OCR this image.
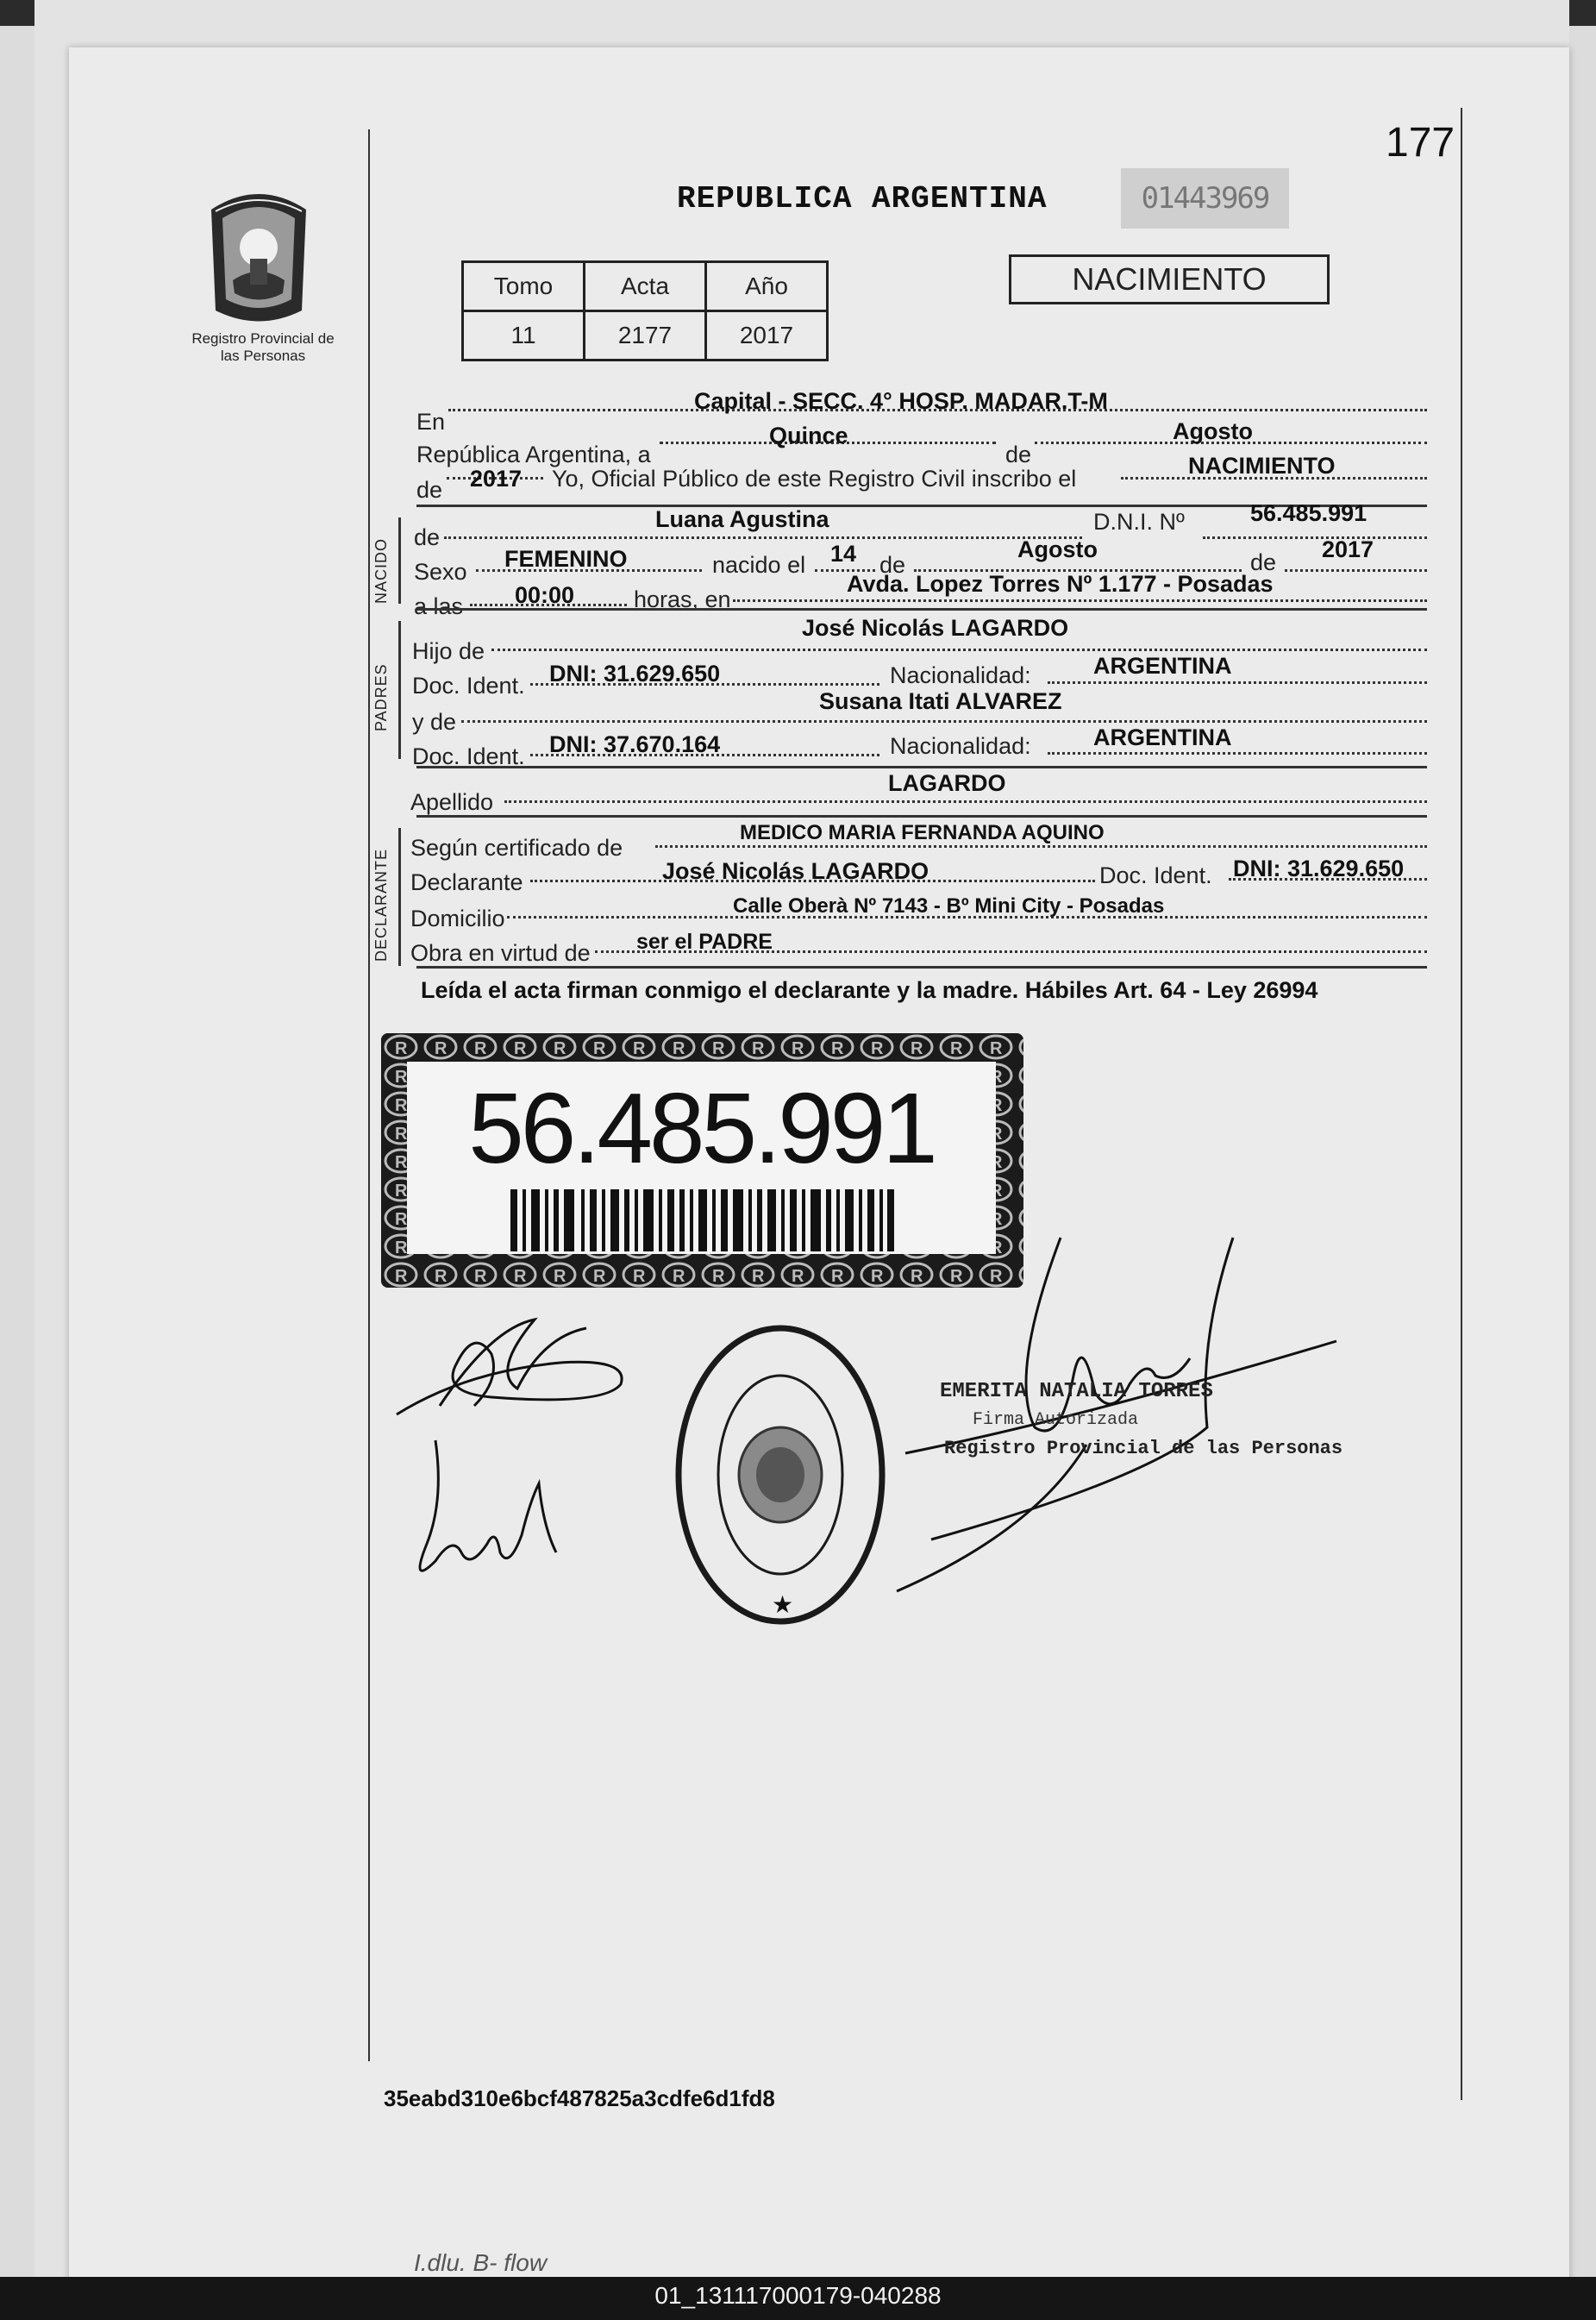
177
Registro Provincial de las Personas
REPUBLICA ARGENTINA	01443969
Tomo	Acta	Año
11	2177	2017
NACIMIENTO
En
Capital - SECC. 4° HOSP. MADAR.T-M
República Argentina, a
Quince
de
Agosto
de 2017 Yo, Oficial Público de este Registro Civil inscribo el	NACIMIENTO
NACIDO
de
Luana Agustina	D.N.I. Nº	56.485.991
Sexo FEMENINO	nacido el 14 de
Agosto	de 2017
a las 00:00	horas, en
Avda. Lopez Torres Nº 1.177 - Posadas
PADRES
Hijo de
José Nicolás LAGARDO
Doc. Ident. DNI: 31.629.650	Nacionalidad:	ARGENTINA
y de
Susana Itati ALVAREZ
Doc. Ident. DNI: 37.670.164	Nacionalidad:	ARGENTINA
Apellido
LAGARDO
DECLARANTE
Según certificado de
MEDICO MARIA FERNANDA AQUINO
Declarante	José Nicolás LAGARDO	Doc. Ident. DNI: 31.629.650
Domicilio	Calle Oberà Nº 7143 - Bº Mini City - Posadas
Obra en virtud de ser el PADRE
Leída el acta firman conmigo el declarante y la madre. Hábiles Art. 64 - Ley 26994
56.485.991
★
EMERITA NATALIA TORRES
Firma Autorizada
Registro Provincial de las Personas
35eabd310e6bcf487825a3cdfe6d1fd8
I.dlu. B- flow
01_131117000179-040288
